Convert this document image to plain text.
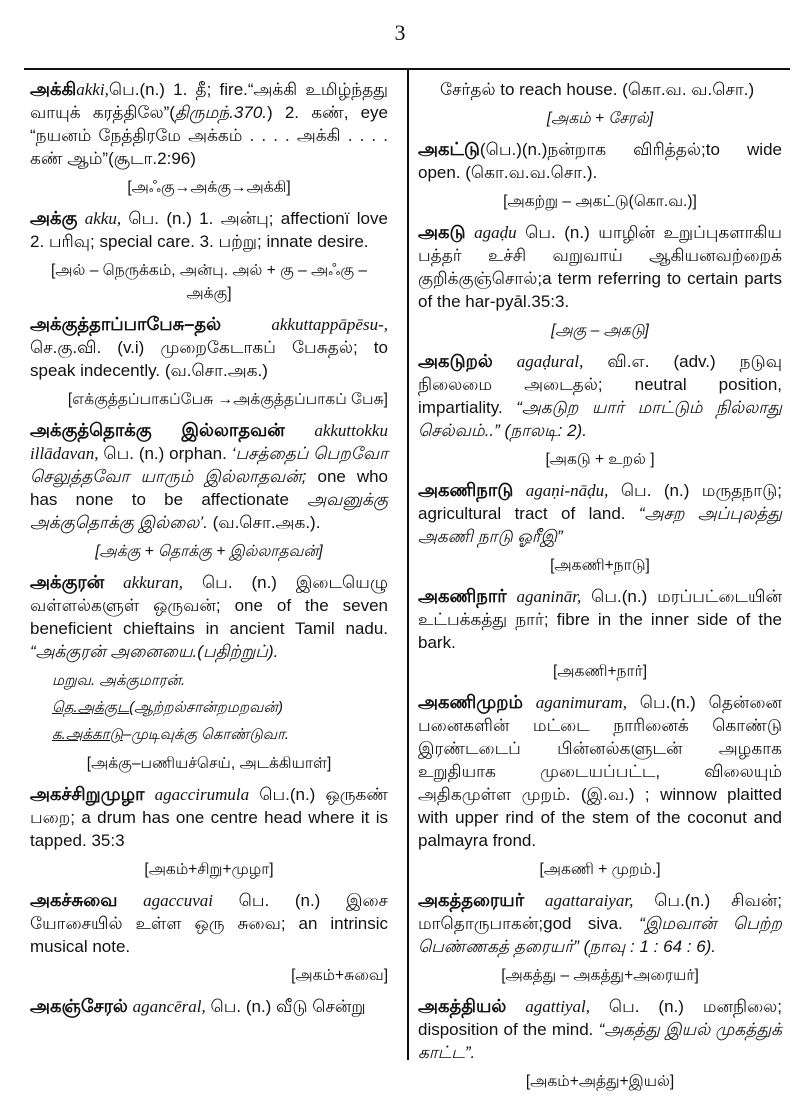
3

அக்கிakki,பெ.(n.) 1. தீ; fire.“அக்கி உமிழ்ந்தது வாயுக் கரத்திலே”(திருமந்.370.) 2. கண், eye “நயனம் நேத்திரமே அக்கம் . . . . அக்கி . . . . கண் ஆம்”(சூடா.2:96)

[அஃகு→அக்கு→அக்கி]

அக்கு akku, பெ. (n.) 1. அன்பு; affectionï love 2. பரிவு; special care. 3. பற்று; innate desire.

[அல் – நெருக்கம், அன்பு. அல் + கு – அஃகு – அக்கு]

அக்குத்தாப்பாபேசு–தல்	akkuttappāpēsu-, செ.கு.வி. (v.i) முறைகேடாகப் பேசுதல்; to speak indecently. (வ.சொ.அக.)

[எக்குத்தப்பாகப்பேசு →அக்குத்தப்பாகப் பேசு]

அக்குத்தொக்கு இல்லாதவன் akkuttokku illādavan, பெ. (n.) orphan. ‘பசத்தைப் பெறவோ செலுத்தவோ யாரும் இல்லாதவன்; one who has none to be affectionate அவனுக்கு அக்குதொக்கு இல்லை’. (வ.சொ.அக.).

[அக்கு + தொக்கு + இல்லாதவன்]

அக்குரன் akkuran, பெ. (n.) இடையெழு வள்ளல்களுள் ஒருவன்; one of the seven beneficient chieftains in ancient Tamil nadu. “அக்குரன் அனையை.(பதிற்றுப்).

மறுவ. அக்குமாரன்.
தெ.அக்குட(ஆற்றல்சான்றமறவன்)
க.அக்காடு–முடிவுக்கு கொண்டுவா.
[அக்கு–பணியச்செய், அடக்கியாள்]

அகச்சிறுமுழா agaccirumula பெ.(n.) ஒருகண் பறை; a drum has one centre head where it is tapped. 35:3

[அகம்+சிறு+முழா]

அகச்சுவை agaccuvai பெ. (n.) இசை யோசையில் உள்ள ஒரு சுவை; an intrinsic musical note.

[அகம்+சுவை]

அகஞ்சேரல் agancēral, பெ. (n.) வீடு சென்று

சேர்தல் to reach house. (கொ.வ. வ.சொ.)

[அகம் + சேரல்]

அகட்டு(பெ.)(n.)நன்றாக விரித்தல்;to wide open. (கொ.வ.வ.சொ.).

[அகற்று – அகட்டு(கொ.வ.)]

அகடு agaḍu பெ. (n.) யாழின் உறுப்புகளாகிய பத்தர் உச்சி வறுவாய் ஆகியனவற்றைக் குறிக்குஞ்சொல்;a term referring to certain parts of the har-pyāl.35:3.

[அகு – அகடு]

அகடுறல் agaḍural, வி.எ. (adv.) நடுவு நிலைமை அடைதல்; neutral position, impartiality. “அகடுற யார் மாட்டும் நில்லாது செல்வம்..” (நாலடி: 2).

[அகடு + உறல் ]

அகணிநாடு agaṇi-nāḍu, பெ. (n.) மருதநாடு; agricultural tract of land. “அசற அப்புலத்து அகணி நாடு ஓரீஇ”

[அகணி+நாடு]

அகணிநார் aganinār, பெ.(n.) மரப்பட்டையின் உட்பக்கத்து நார்; fibre in the inner side of the bark.

[அகணி+நார்]

அகணிமுறம் aganimuram, பெ.(n.) தென்னை பனைகளின் மட்டை நாரினைக் கொண்டு இரண்டடைப் பின்னல்களுடன் அழகாக உறுதியாக முடையப்பட்ட, விலையும் அதிகமுள்ள முறம். (இ.வ.) ; winnow plaitted with upper rind of the stem of the coconut and palmayra frond.

[அகணி + முறம்.]

அகத்தரையர் agattaraiyar, பெ.(n.) சிவன்; மாதொருபாகன்;god siva. “இமவான் பெற்ற பெண்ணகத் தரையர்” (நாவு : 1 : 64 : 6).

[அகத்து – அகத்து+அரையர்]

அகத்தியல் agattiyal, பெ. (n.) மனநிலை; disposition of the mind. “அகத்து இயல் முகத்துக் காட்ட”.

[அகம்+அத்து+இயல்]
